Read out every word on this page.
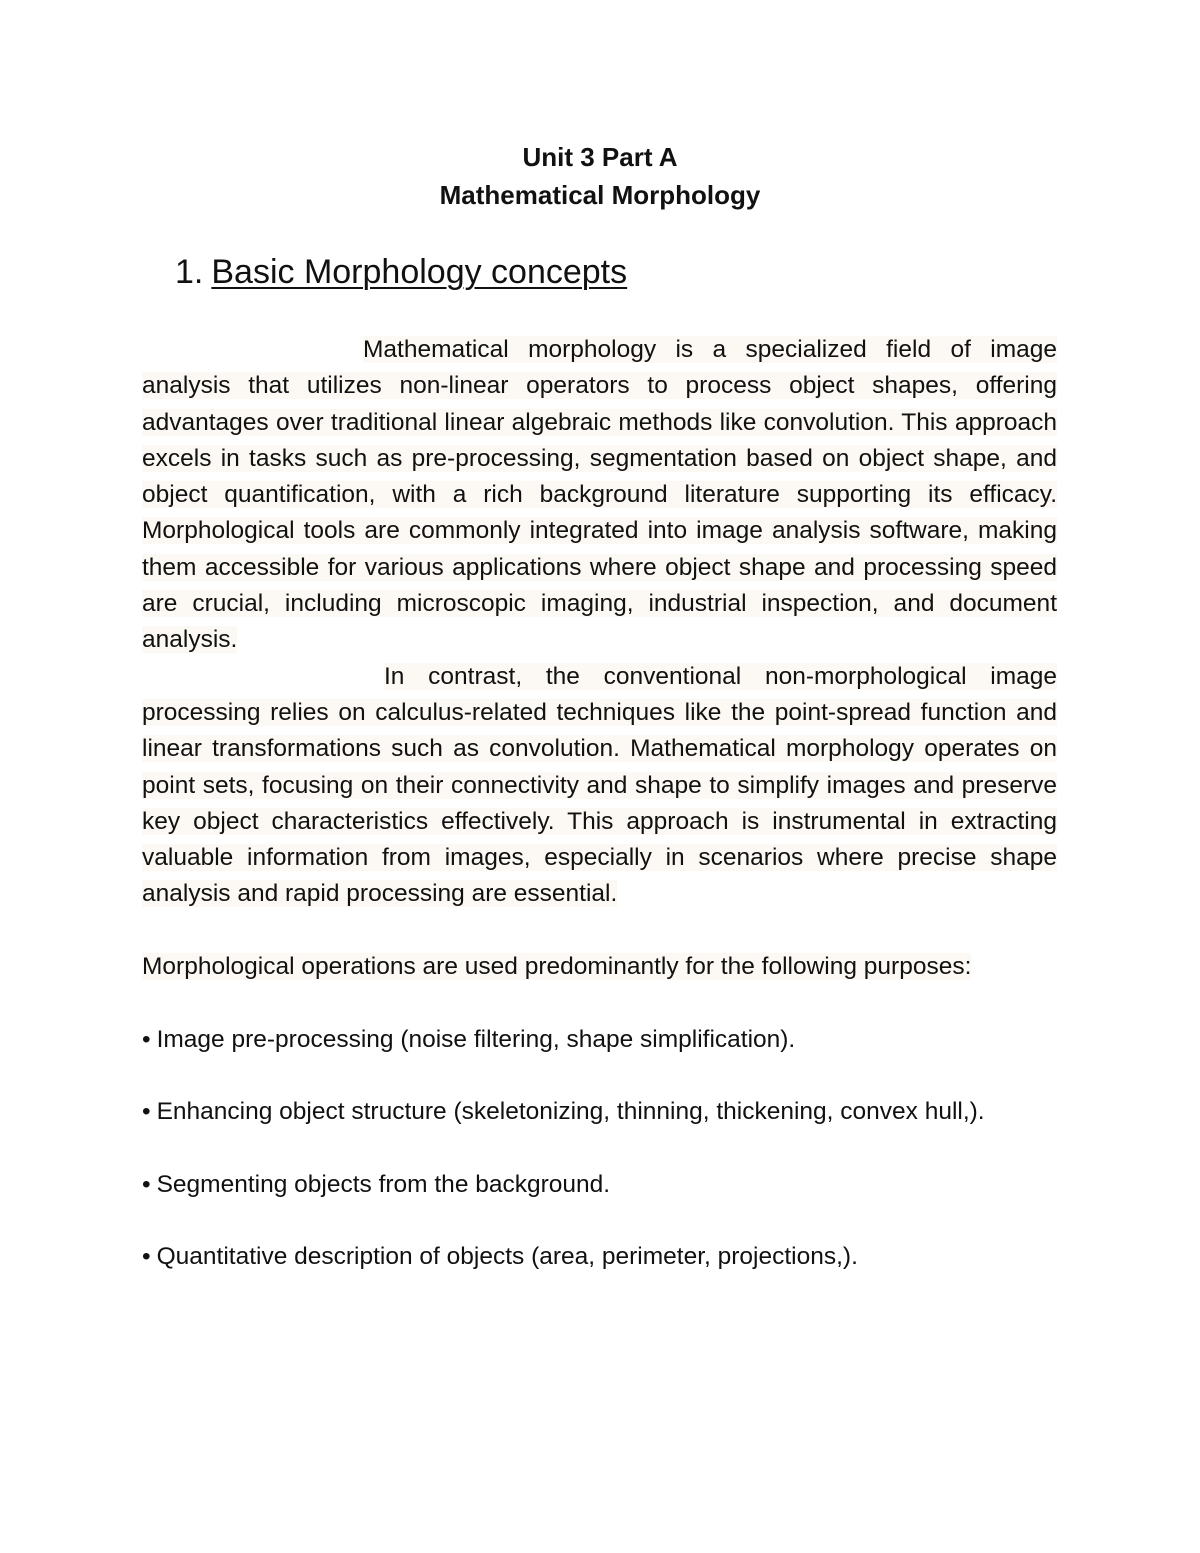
Unit 3 Part A
Mathematical Morphology
1. Basic Morphology concepts

Mathematical morphology is a specialized field of image analysis that utilizes non-linear operators to process object shapes, offering advantages over traditional linear algebraic methods like convolution. This approach excels in tasks such as pre-processing, segmentation based on object shape, and object quantification, with a rich background literature supporting its efficacy. Morphological tools are commonly integrated into image analysis software, making them accessible for various applications where object shape and processing speed are crucial, including microscopic imaging, industrial inspection, and document analysis.

In contrast, the conventional non-morphological image processing relies on calculus-related techniques like the point-spread function and linear transformations such as convolution. Mathematical morphology operates on point sets, focusing on their connectivity and shape to simplify images and preserve key object characteristics effectively. This approach is instrumental in extracting valuable information from images, especially in scenarios where precise shape analysis and rapid processing are essential.

Morphological operations are used predominantly for the following purposes:

• Image pre-processing (noise filtering, shape simplification).

• Enhancing object structure (skeletonizing, thinning, thickening, convex hull,).

• Segmenting objects from the background.

• Quantitative description of objects (area, perimeter, projections,).
